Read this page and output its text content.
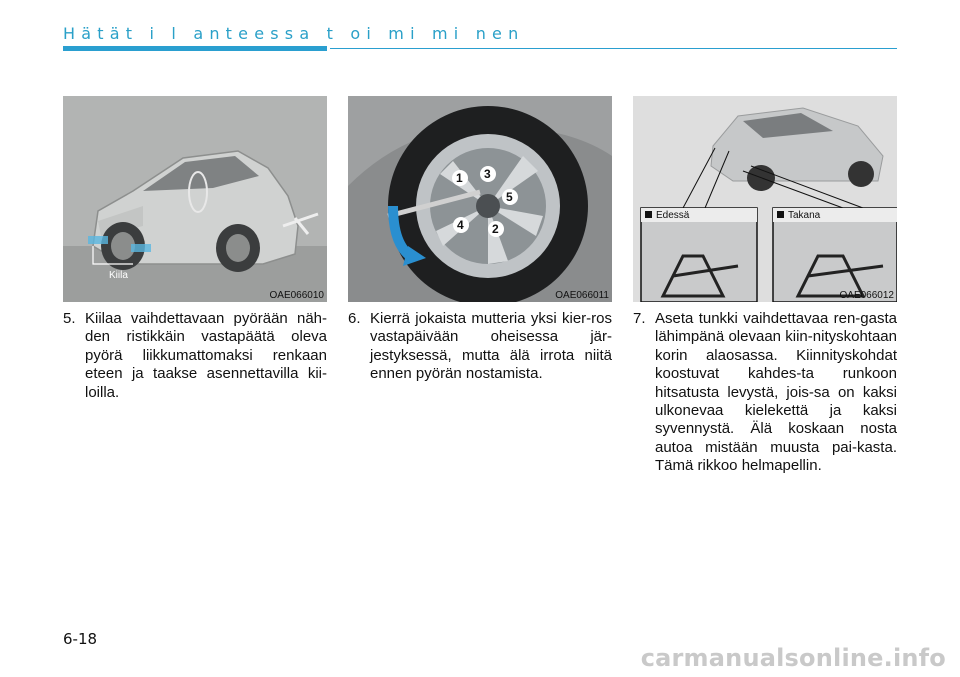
Hätät i l anteessa t oi mi mi nen
Kiila
OAE066010
1
2
3
4
5
OAE066011
Edessä	Takana
OAE066012
5. Kiilaa vaihdettavaan pyörään näh-den ristikkäin vastapäätä oleva pyörä liikkumattomaksi renkaan eteen ja taakse asennettavilla kii-loilla.
6. Kierrä jokaista mutteria yksi kier-ros vastapäivään oheisessa jär-jestyksessä, mutta älä irrota niitä ennen pyörän nostamista.
7. Aseta tunkki vaihdettavaa ren-gasta lähimpänä olevaan kiin-nityskohtaan korin alaosassa. Kiinnityskohdat koostuvat kahdes-ta runkoon hitsatusta levystä, jois-sa on kaksi ulkonevaa kielekettä ja kaksi syvennystä. Älä koskaan nosta autoa mistään muusta pai-kasta. Tämä rikkoo helmapellin.
6-18
carmanualsonline.info
